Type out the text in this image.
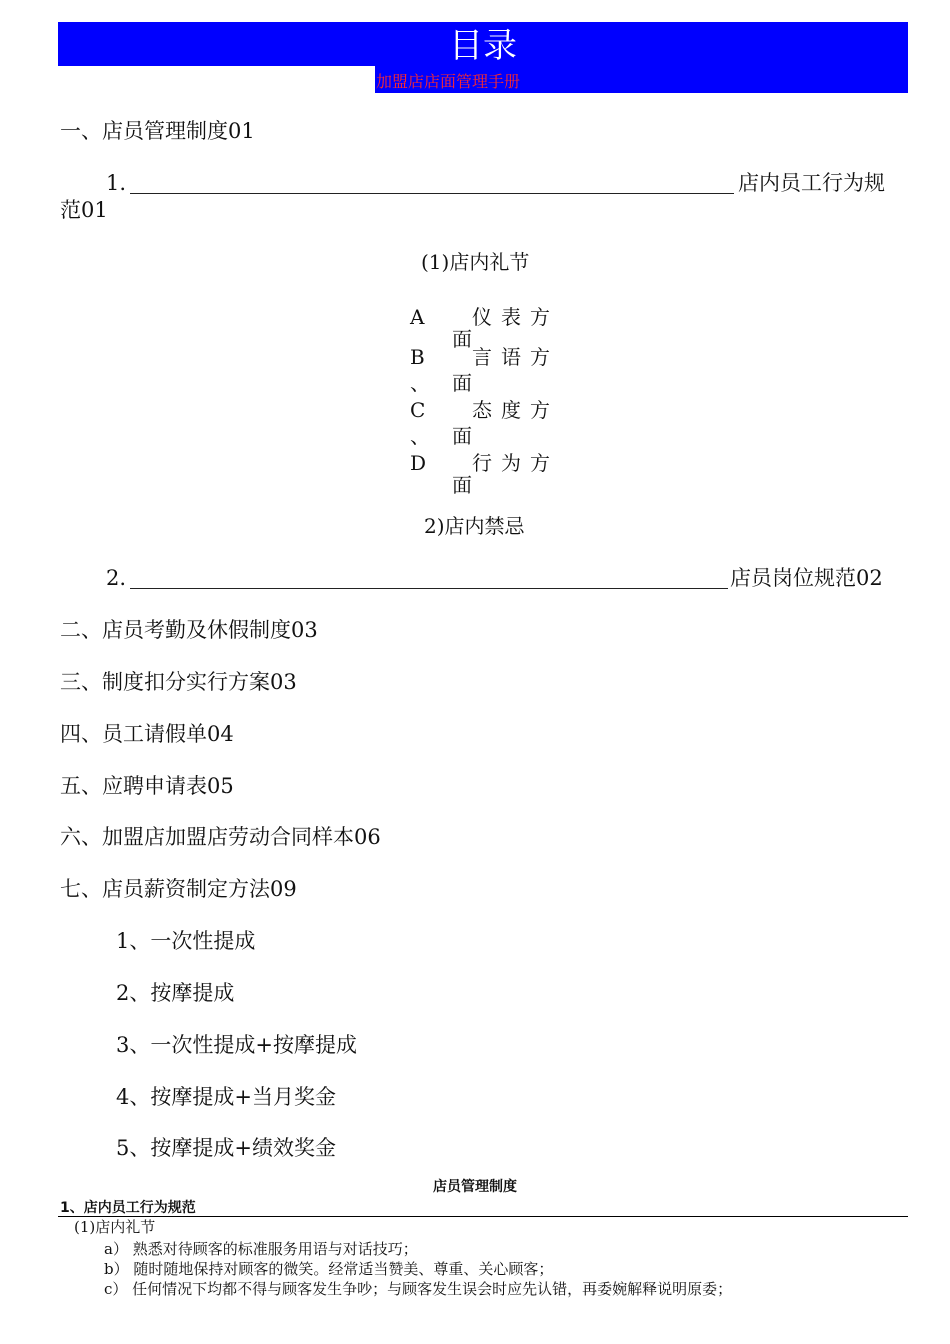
目录
加盟店店面管理手册
一、店员管理制度01
1.	店内员工行为规
范01
(1)店内礼节
A 仪表方
面
B 言语方
、 面
C 态度方
、 面
D 行为方
面
2)店内禁忌
2.	店员岗位规范02
二、店员考勤及休假制度03
三、制度扣分实行方案03
四、员工请假单04
五、应聘申请表05
六、加盟店加盟店劳动合同样本06
七、店员薪资制定方法09
1、一次性提成
2、按摩提成
3、一次性提成+按摩提成
4、按摩提成+当月奖金
5、按摩提成+绩效奖金
店员管理制度
1、店内员工行为规范
(1)店内礼节
a） 熟悉对待顾客的标准服务用语与对话技巧；
b） 随时随地保持对顾客的微笑。经常适当赞美、尊重、关心顾客；
c） 任何情况下均都不得与顾客发生争吵；与顾客发生误会时应先认错，再委婉解释说明原委；
